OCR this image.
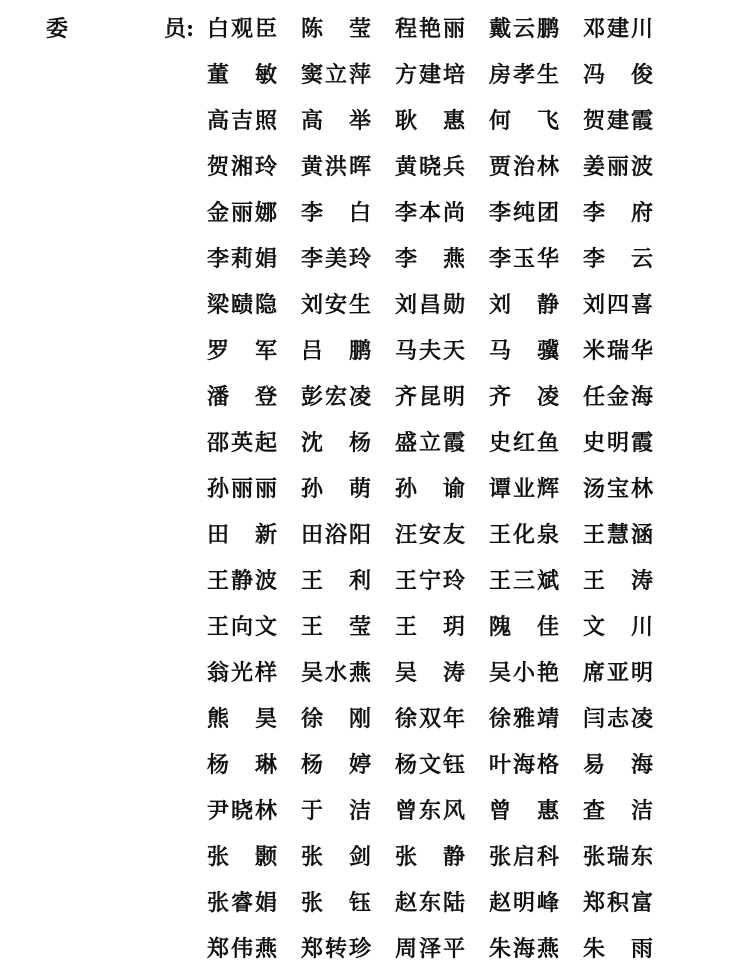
委	员: 白 观 臣 陈 莹 程 艳 丽 戴 云 鹏 邓 建 川
董 敏 窦 立 萍 方 建 培 房 孝 生 冯 俊
高 吉 照 高 举 耿 惠 何 飞 贺 建 霞
贺 湘 玲 黄 洪 晖 黄 晓 兵 贾 治 林 姜 丽 波
金 丽 娜 李 白 李 本 尚 李 纯 团 李 府
李 莉 娟 李 美 玲 李 燕 李 玉 华 李 云
梁 赜 隐 刘 安 生 刘 昌 勋 刘 静 刘 四 喜
罗 军 吕 鹏 马 夫 天 马 骥 米 瑞 华
潘 登 彭 宏 凌 齐 昆 明 齐 凌 任 金 海
邵 英 起 沈 杨 盛 立 霞 史 红 鱼 史 明 霞
孙 丽 丽 孙 萌 孙 谕 谭 业 辉 汤 宝 林
田 新 田 浴 阳 汪 安 友 王 化 泉 王 慧 涵
王 静 波 王 利 王 宁 玲 王 三 斌 王 涛
王 向 文 王 莹 王 玥 隗 佳 文 川
翁 光 样 吴 水 燕 吴 涛 吴 小 艳 席 亚 明
熊 昊 徐 刚 徐 双 年 徐 雅 靖 闫 志 凌
杨 琳 杨 婷 杨 文 钰 叶 海 格 易 海
尹 晓 林 于 洁 曾 东 风 曾 惠 查 洁
张 颢 张 剑 张 静 张 启 科 张 瑞 东
张 睿 娟 张 钰 赵 东 陆 赵 明 峰 郑 积 富
郑 伟 燕 郑 转 珍 周 泽 平 朱 海 燕 朱 雨
